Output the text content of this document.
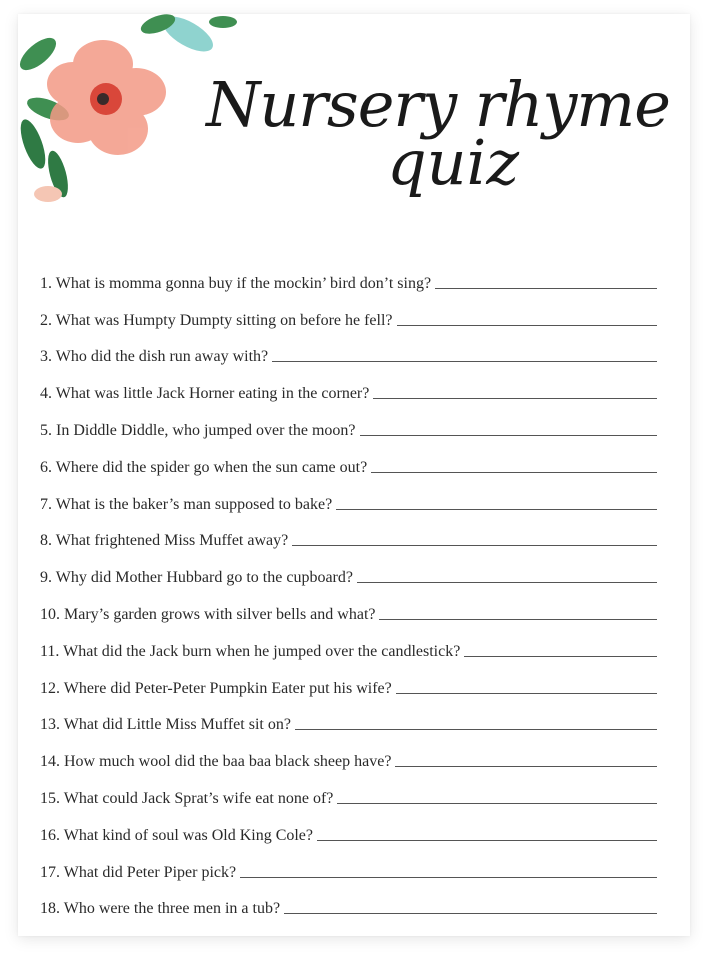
Nursery rhyme
quiz
1. What is momma gonna buy if the mockin’ bird don’t sing?
2. What was Humpty Dumpty sitting on before he fell?
3. Who did the dish run away with?
4. What was little Jack Horner eating in the corner?
5. In Diddle Diddle, who jumped over the moon?
6. Where did the spider go when the sun came out?
7. What is the baker’s man supposed to bake?
8. What frightened Miss Muffet away?
9. Why did Mother Hubbard go to the cupboard?
10. Mary’s garden grows with silver bells and what?
11. What did the Jack burn when he jumped over the candlestick?
12. Where did Peter-Peter Pumpkin Eater put his wife?
13. What did Little Miss Muffet sit on?
14. How much wool did the baa baa black sheep have?
15. What could Jack Sprat’s wife eat none of?
16. What kind of soul was Old King Cole?
17. What did Peter Piper pick?
18. Who were the three men in a tub?
